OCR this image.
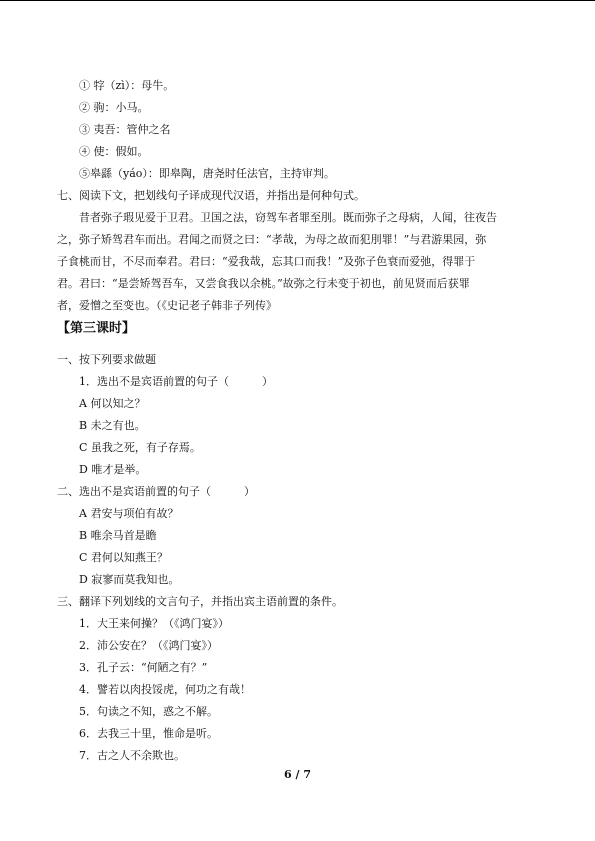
① 牸（zì）：母牛。
② 驹：小马。
③ 夷吾：管仲之名
④ 使：假如。
⑤皋繇（yáo）：即皋陶，唐尧时任法官，主持审判。
七、阅读下文，把划线句子译成现代汉语，并指出是何种句式。
昔者弥子瑕见爱于卫君。卫国之法，窃驾车者罪至刖。既而弥子之母病，人闻，往夜告
之，弥子矫驾君车而出。君闻之而贤之曰：“孝哉，为母之故而犯刖罪！”与君游果园，弥
子食桃而甘，不尽而奉君。君曰：“爱我哉，忘其口而我！”及弥子色衰而爱弛，得罪于
君。君曰：“是尝矫驾吾车，又尝食我以余桃。”故弥之行未变于初也，前见贤而后获罪
者，爱憎之至变也。（《史记老子韩非子列传》
【第三课时】
一、按下列要求做题
1．选出不是宾语前置的句子（　　　）
A 何以知之？
B 未之有也。
C 虽我之死，有子存焉。
D 唯才是举。
二、选出不是宾语前置的句子（　　　）
A 君安与项伯有故？
B 唯余马首是瞻
C 君何以知燕王？
D 寂寥而莫我知也。
三、翻译下列划线的文言句子，并指出宾主语前置的条件。
1．大王来何操？（《鸿门宴》）
2．沛公安在？（《鸿门宴》）
3．孔子云：“何陋之有？”
4．譬若以肉投馁虎，何功之有哉！
5．句读之不知，惑之不解。
6．去我三十里，惟命是听。
7．古之人不余欺也。
6 / 7
